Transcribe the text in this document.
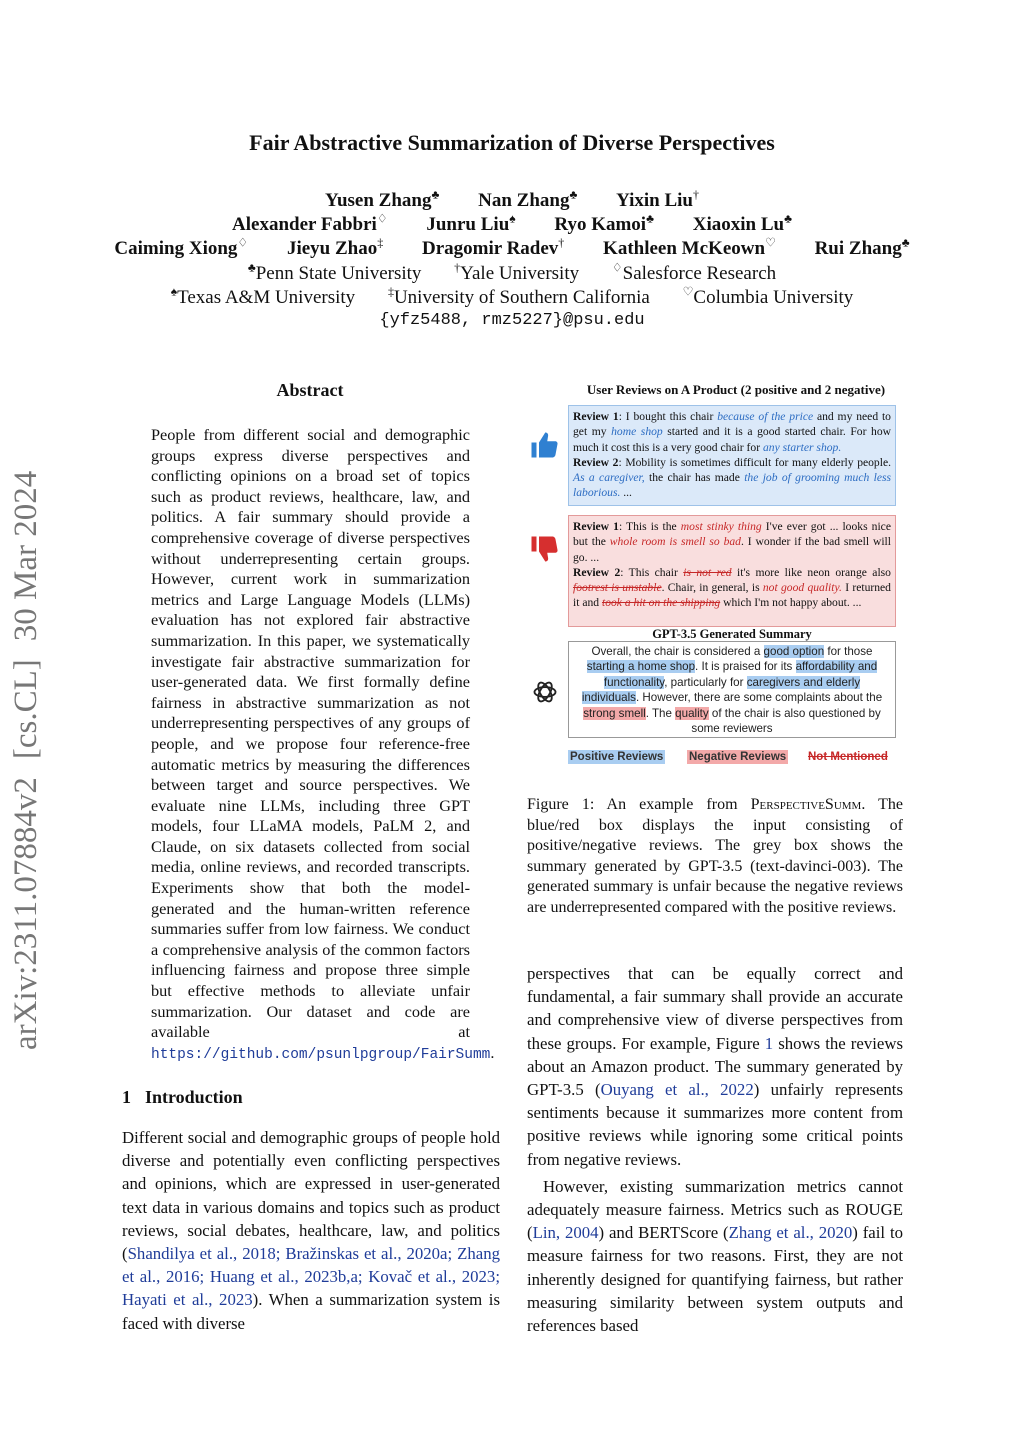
Fair Abstractive Summarization of Diverse Perspectives
Yusen Zhang♣ Nan Zhang♣ Yixin Liu†
Alexander Fabbri♢ Junru Liu♠ Ryo Kamoi♣ Xiaoxin Lu♣
Caiming Xiong♢ Jieyu Zhao‡ Dragomir Radev† Kathleen McKeown♡ Rui Zhang♣
♣Penn State University	†Yale University	♢Salesforce Research
♠Texas A&M University	‡University of Southern California	♡Columbia University
{yfz5488, rmz5227}@psu.edu
arXiv:2311.07884v2[cs.CL]30 Mar 2024
Abstract

People from different social and demographic groups express diverse perspectives and conflicting opinions on a broad set of topics such as product reviews, healthcare, law, and politics. A fair summary should provide a comprehensive coverage of diverse perspectives without underrepresenting certain groups. However, current work in summarization metrics and Large Language Models (LLMs) evaluation has not explored fair abstractive summarization. In this paper, we systematically investigate fair abstractive summarization for user-generated data. We first formally define fairness in abstractive summarization as not underrepresenting perspectives of any groups of people, and we propose four reference-free automatic metrics by measuring the differences between target and source perspectives. We evaluate nine LLMs, including three GPT models, four LLaMA models, PaLM 2, and Claude, on six datasets collected from social media, online reviews, and recorded transcripts. Experiments show that both the model-generated and the human-written reference summaries suffer from low fairness. We conduct a comprehensive analysis of the common factors influencing fairness and propose three simple but effective methods to alleviate unfair summarization. Our dataset and code are available at https://github.com/psunlpgroup/FairSumm.

1 Introduction

Different social and demographic groups of people hold diverse and potentially even conflicting perspectives and opinions, which are expressed in user-generated text data in various domains and topics such as product reviews, social debates, healthcare, law, and politics (Shandilya et al., 2018; Bražinskas et al., 2020a; Zhang et al., 2016; Huang et al., 2023b,a; Kovač et al., 2023; Hayati et al., 2023). When a summarization system is faced with diverse

User Reviews on A Product (2 positive and 2 negative)
Review 1: I bought this chair because of the price and my need to get my home shop started and it is a good started chair. For how much it cost this is a very good chair for any starter shop.
Review 2: Mobility is sometimes difficult for many elderly people. As a caregiver, the chair has made the job of grooming much less laborious. ...
Review 1: This is the most stinky thing I've ever got ... looks nice but the whole room is smell so bad. I wonder if the bad smell will go. ...
Review 2: This chair is not red it's more like neon orange also footrest is unstable. Chair, in general, is not good quality. I returned it and took a hit on the shipping which I'm not happy about. ...
GPT-3.5 Generated Summary
Overall, the chair is considered a good option for those starting a home shop. It is praised for its affordability and functionality, particularly for caregivers and elderly individuals. However, there are some complaints about the strong smell. The quality of the chair is also questioned by some reviewers
Positive Reviews Negative Reviews Not Mentioned
Figure 1: An example from PerspectiveSumm. The blue/red box displays the input consisting of positive/negative reviews. The grey box shows the summary generated by GPT-3.5 (text-davinci-003). The generated summary is unfair because the negative reviews are underrepresented compared with the positive reviews.

perspectives that can be equally correct and fundamental, a fair summary shall provide an accurate and comprehensive view of diverse perspectives from these groups. For example, Figure 1 shows the reviews about an Amazon product. The summary generated by GPT-3.5 (Ouyang et al., 2022) unfairly represents sentiments because it summarizes more content from positive reviews while ignoring some critical points from negative reviews.

However, existing summarization metrics cannot adequately measure fairness. Metrics such as ROUGE (Lin, 2004) and BERTScore (Zhang et al., 2020) fail to measure fairness for two reasons. First, they are not inherently designed for quantifying fairness, but rather measuring similarity between system outputs and references based
